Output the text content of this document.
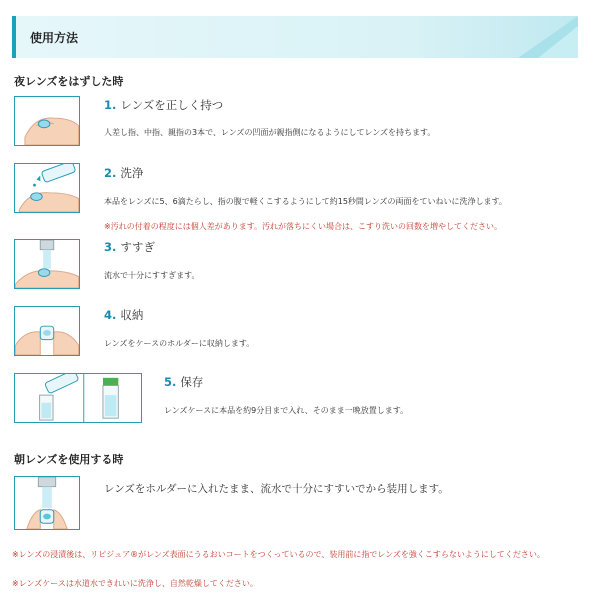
使用方法
夜レンズをはずした時
1. レンズを正しく持つ
人差し指、中指、親指の3本で、レンズの凹面が親指側になるようにしてレンズを持ちます。
2. 洗浄
本品をレンズに5、6滴たらし、指の腹で軽くこするようにして約15秒間レンズの両面をていねいに洗浄します。
※汚れの付着の程度には個人差があります。汚れが落ちにくい場合は、こすり洗いの回数を増やしてください。
3. すすぎ
流水で十分にすすぎます。
4. 収納
レンズをケースのホルダーに収納します。
5. 保存
レンズケースに本品を約9分目まで入れ、そのまま一晩放置します。
朝レンズを使用する時
レンズをホルダーに入れたまま、流水で十分にすすいでから装用します。
※レンズの浸漬後は、リピジュア®がレンズ表面にうるおいコートをつくっているので、装用前に指でレンズを強くこすらないようにしてください。
※レンズケースは水道水できれいに洗浄し、自然乾燥してください。
